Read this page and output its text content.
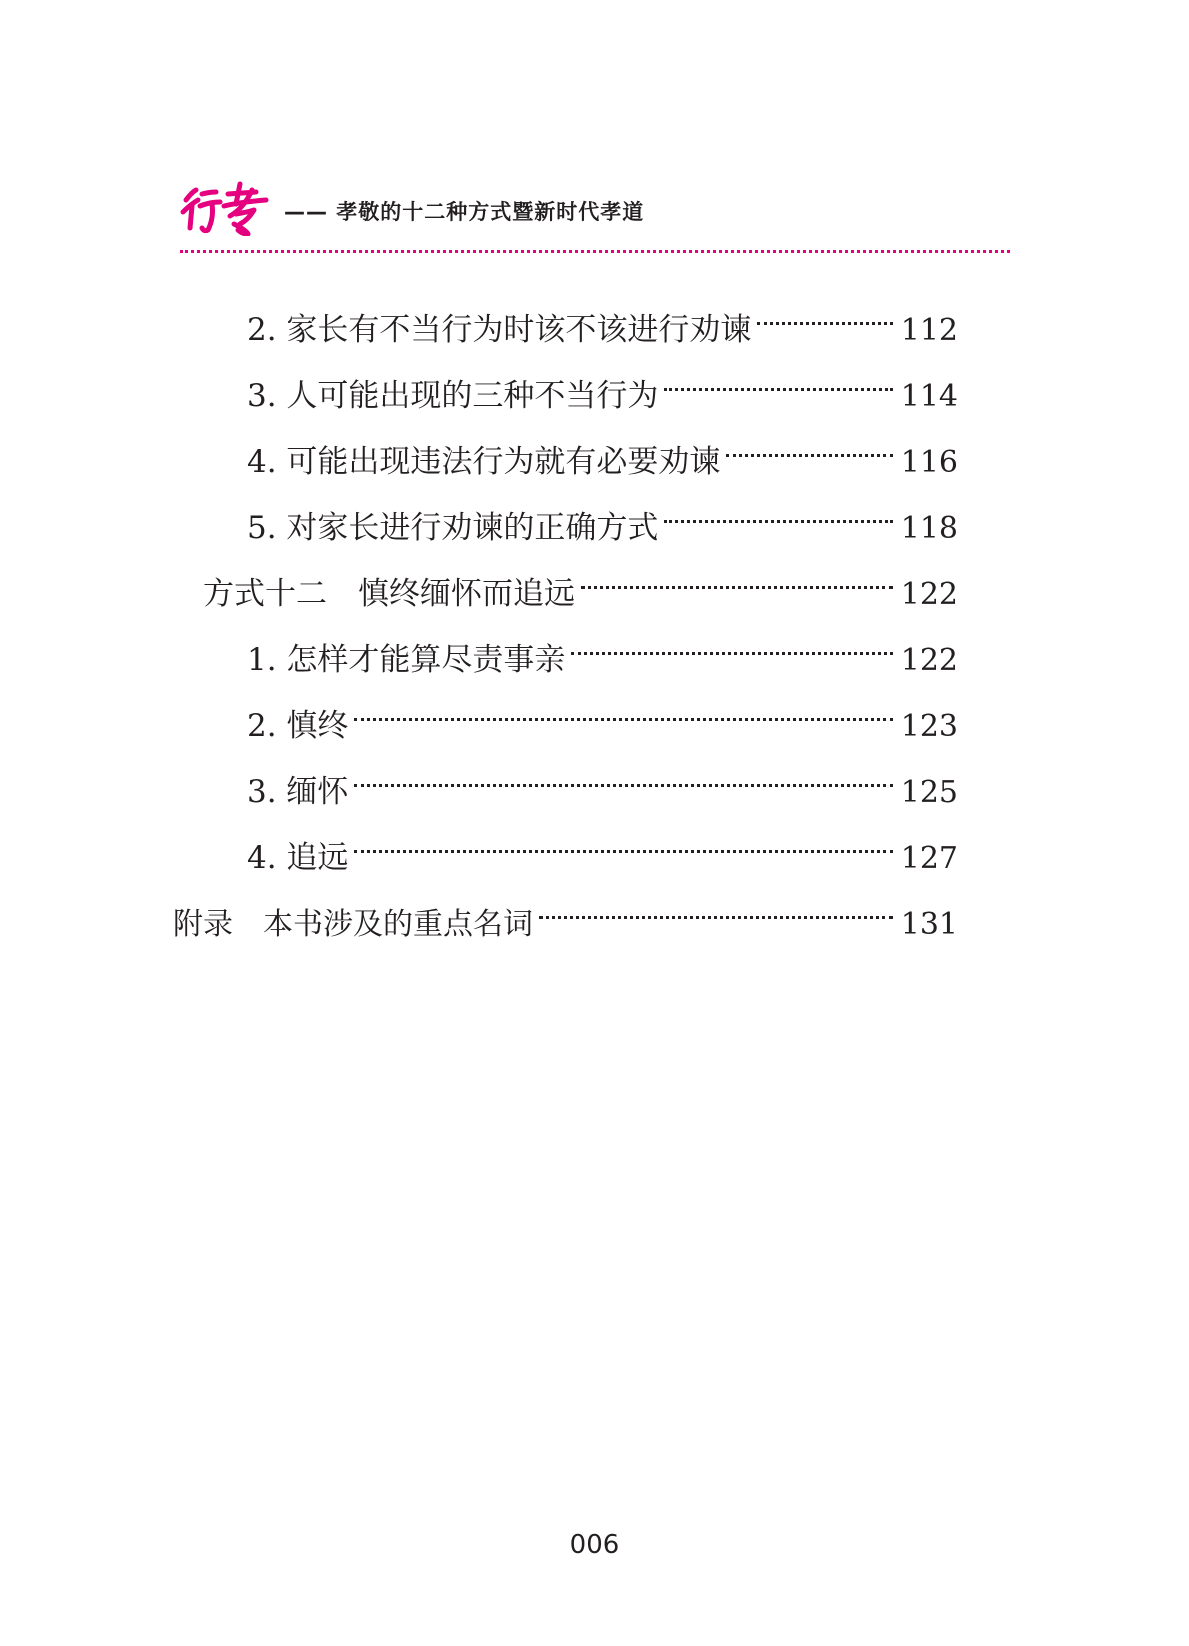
—— 孝敬的十二种方式暨新时代孝道
2. 家长有不当行为时该不该进行劝谏	112
3. 人可能出现的三种不当行为	114
4. 可能出现违法行为就有必要劝谏	116
5. 对家长进行劝谏的正确方式	118
方式十二　慎终缅怀而追远	122
1. 怎样才能算尽责事亲	122
2. 慎终	123
3. 缅怀	125
4. 追远	127
附录　本书涉及的重点名词	131
006
